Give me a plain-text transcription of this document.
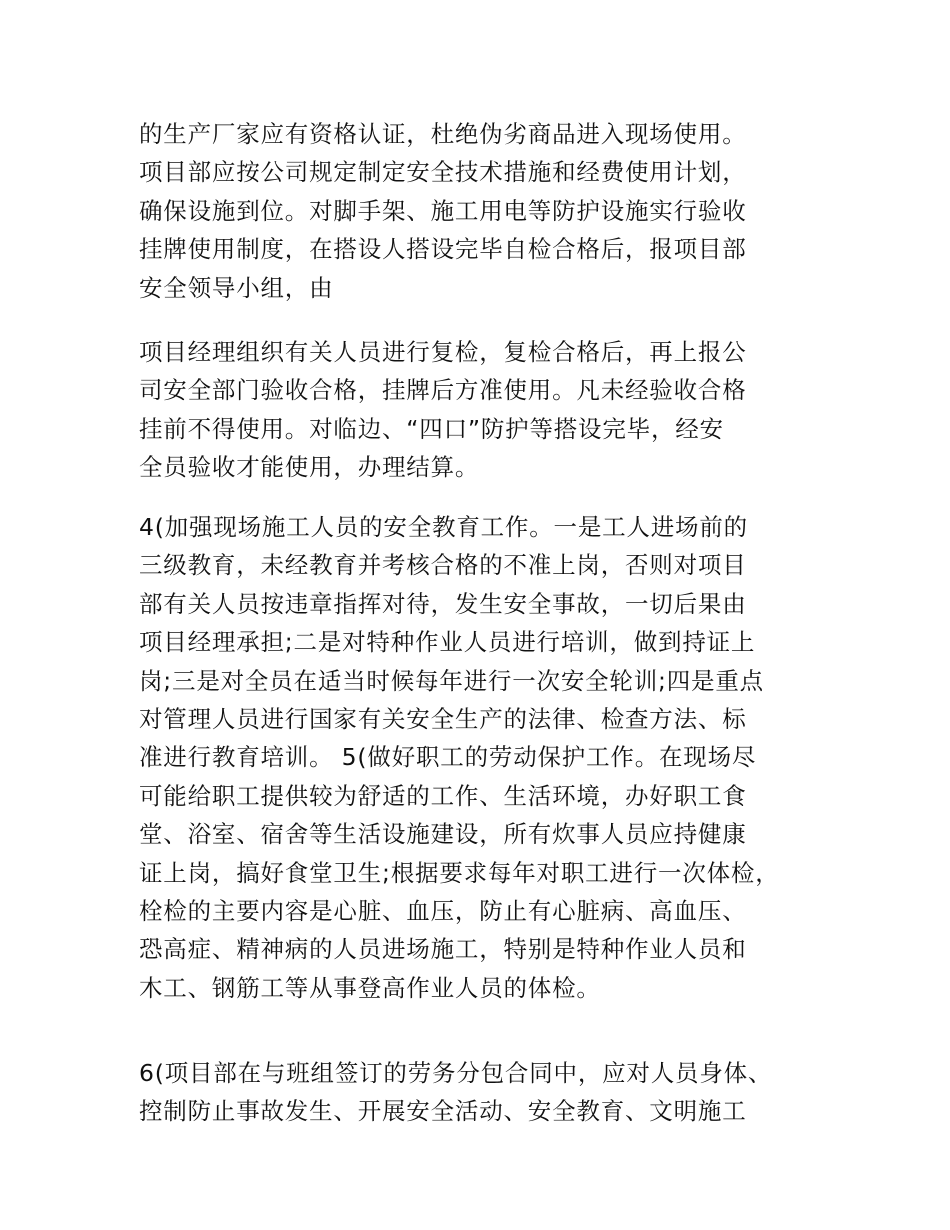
的生产厂家应有资格认证，杜绝伪劣商品进入现场使用。
项目部应按公司规定制定安全技术措施和经费使用计划，
确保设施到位。对脚手架、施工用电等防护设施实行验收
挂牌使用制度，在搭设人搭设完毕自检合格后，报项目部
安全领导小组，由
项目经理组织有关人员进行复检，复检合格后，再上报公
司安全部门验收合格，挂牌后方准使用。凡未经验收合格
挂前不得使用。对临边、“四口”防护等搭设完毕，经安
全员验收才能使用，办理结算。
4(加强现场施工人员的安全教育工作。一是工人进场前的
三级教育，未经教育并考核合格的不准上岗，否则对项目
部有关人员按违章指挥对待，发生安全事故，一切后果由
项目经理承担;二是对特种作业人员进行培训，做到持证上
岗;三是对全员在适当时候每年进行一次安全轮训;四是重点
对管理人员进行国家有关安全生产的法律、检查方法、标
准进行教育培训。 5(做好职工的劳动保护工作。在现场尽
可能给职工提供较为舒适的工作、生活环境，办好职工食
堂、浴室、宿舍等生活设施建设，所有炊事人员应持健康
证上岗，搞好食堂卫生;根据要求每年对职工进行一次体检，
栓检的主要内容是心脏、血压，防止有心脏病、高血压、
恐高症、精神病的人员进场施工，特别是特种作业人员和
木工、钢筋工等从事登高作业人员的体检。
6(项目部在与班组签订的劳务分包合同中，应对人员身体、
控制防止事故发生、开展安全活动、安全教育、文明施工
